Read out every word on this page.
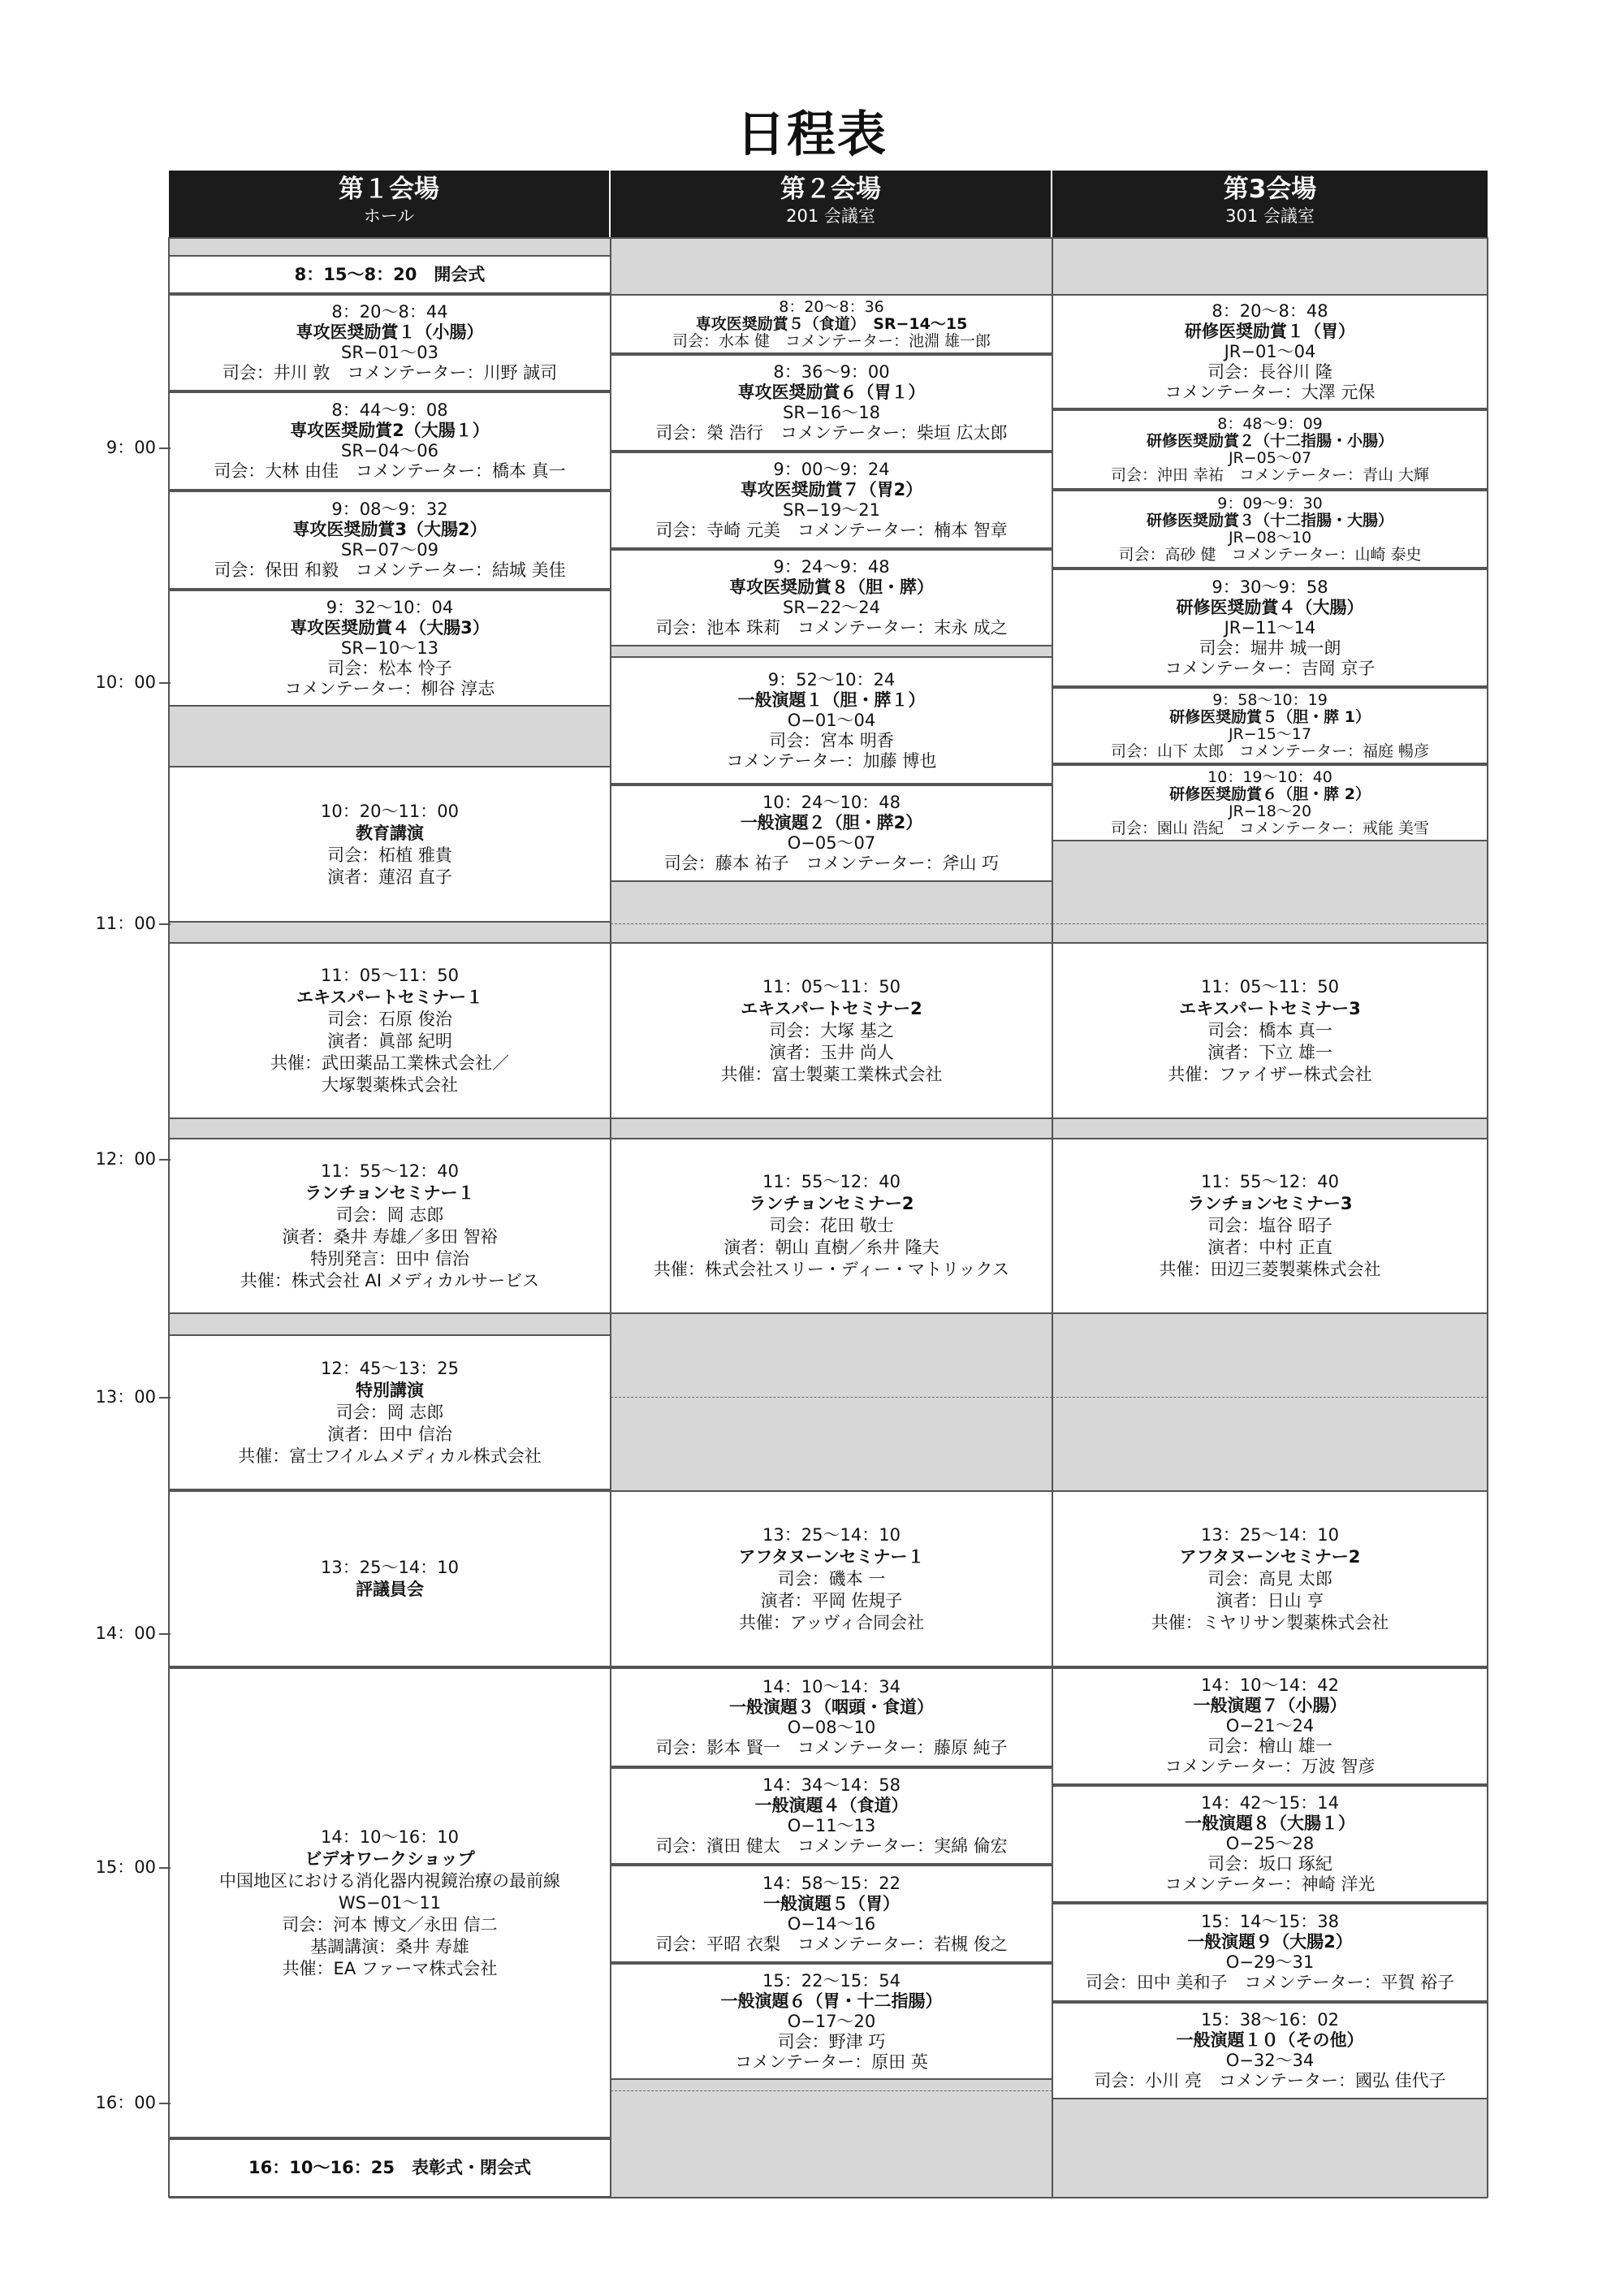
日程表
第１会場
ホール
第２会場
201 会議室
第3会場
301 会議室
8：15〜8：20　開会式
8：20〜8：44
専攻医奨励賞１（小腸）
SR−01〜03
司会：井川 敦　コメンテーター：川野 誠司
8：44〜9：08
専攻医奨励賞2（大腸１）
SR−04〜06
司会：大林 由佳　コメンテーター：橋本 真一
9：08〜9：32
専攻医奨励賞3（大腸2）
SR−07〜09
司会：保田 和毅　コメンテーター：結城 美佳
9：32〜10：04
専攻医奨励賞４（大腸3）
SR−10〜13
司会：松本 怜子
コメンテーター：柳谷 淳志
10：20〜11：00
教育講演
司会：柘植 雅貴
演者：蓮沼 直子
11：05〜11：50
エキスパートセミナー１
司会：石原 俊治
演者：眞部 紀明
共催：武田薬品工業株式会社／
大塚製薬株式会社
11：55〜12：40
ランチョンセミナー１
司会：岡 志郎
演者：桑井 寿雄／多田 智裕
特別発言：田中 信治
共催：株式会社 AI メディカルサービス
12：45〜13：25
特別講演
司会：岡 志郎
演者：田中 信治
共催：富士フイルムメディカル株式会社
13：25〜14：10
評議員会
14：10〜16：10
ビデオワークショップ
中国地区における消化器内視鏡治療の最前線
WS−01〜11
司会：河本 博文／永田 信二
基調講演：桑井 寿雄
共催：EA ファーマ株式会社
16：10〜16：25　表彰式・閉会式
8：20〜8：36
専攻医奨励賞５（食道）　SR−14〜15
司会：水本 健　コメンテーター：池淵 雄一郎
8：36〜9：00
専攻医奨励賞６（胃１）
SR−16〜18
司会：榮 浩行　コメンテーター：柴垣 広太郎
9：00〜9：24
専攻医奨励賞７（胃2）
SR−19〜21
司会：寺崎 元美　コメンテーター：楠本 智章
9：24〜9：48
専攻医奨励賞８（胆・膵）
SR−22〜24
司会：池本 珠莉　コメンテーター：末永 成之
9：52〜10：24
一般演題１（胆・膵１）
O−01〜04
司会：宮本 明香
コメンテーター：加藤 博也
10：24〜10：48
一般演題２（胆・膵2）
O−05〜07
司会：藤本 祐子　コメンテーター：斧山 巧
11：05〜11：50
エキスパートセミナー2
司会：大塚 基之
演者：玉井 尚人
共催：富士製薬工業株式会社
11：55〜12：40
ランチョンセミナー2
司会：花田 敬士
演者：朝山 直樹／糸井 隆夫
共催：株式会社スリー・ディー・マトリックス
13：25〜14：10
アフタヌーンセミナー１
司会：磯本 一
演者：平岡 佐規子
共催：アッヴィ合同会社
14：10〜14：34
一般演題３（咽頭・食道）
O−08〜10
司会：影本 賢一　コメンテーター：藤原 純子
14：34〜14：58
一般演題４（食道）
O−11〜13
司会：濱田 健太　コメンテーター：実綿 倫宏
14：58〜15：22
一般演題５（胃）
O−14〜16
司会：平昭 衣梨　コメンテーター：若槻 俊之
15：22〜15：54
一般演題６（胃・十二指腸）
O−17〜20
司会：野津 巧
コメンテーター：原田 英
8：20〜8：48
研修医奨励賞１（胃）
JR−01〜04
司会：長谷川 隆
コメンテーター：大澤 元保
8：48〜9：09
研修医奨励賞２（十二指腸・小腸）
JR−05〜07
司会：沖田 幸祐　コメンテーター：青山 大輝
9：09〜9：30
研修医奨励賞３（十二指腸・大腸）
JR−08〜10
司会：高砂 健　コメンテーター：山崎 泰史
9：30〜9：58
研修医奨励賞４（大腸）
JR−11〜14
司会：堀井 城一朗
コメンテーター：吉岡 京子
9：58〜10：19
研修医奨励賞５（胆・膵 1）
JR−15〜17
司会：山下 太郎　コメンテーター：福庭 暢彦
10：19〜10：40
研修医奨励賞６（胆・膵 2）
JR−18〜20
司会：園山 浩紀　コメンテーター：戒能 美雪
11：05〜11：50
エキスパートセミナー3
司会：橋本 真一
演者：下立 雄一
共催：ファイザー株式会社
11：55〜12：40
ランチョンセミナー3
司会：塩谷 昭子
演者：中村 正直
共催：田辺三菱製薬株式会社
13：25〜14：10
アフタヌーンセミナー2
司会：高見 太郎
演者：日山 亨
共催：ミヤリサン製薬株式会社
14：10〜14：42
一般演題７（小腸）
O−21〜24
司会：檜山 雄一
コメンテーター：万波 智彦
14：42〜15：14
一般演題８（大腸１）
O−25〜28
司会：坂口 琢紀
コメンテーター：神崎 洋光
15：14〜15：38
一般演題９（大腸2）
O−29〜31
司会：田中 美和子　コメンテーター：平賀 裕子
15：38〜16：02
一般演題１０（その他）
O−32〜34
司会：小川 亮　コメンテーター：國弘 佳代子
9：00
10：00
11：00
12：00
13：00
14：00
15：00
16：00
